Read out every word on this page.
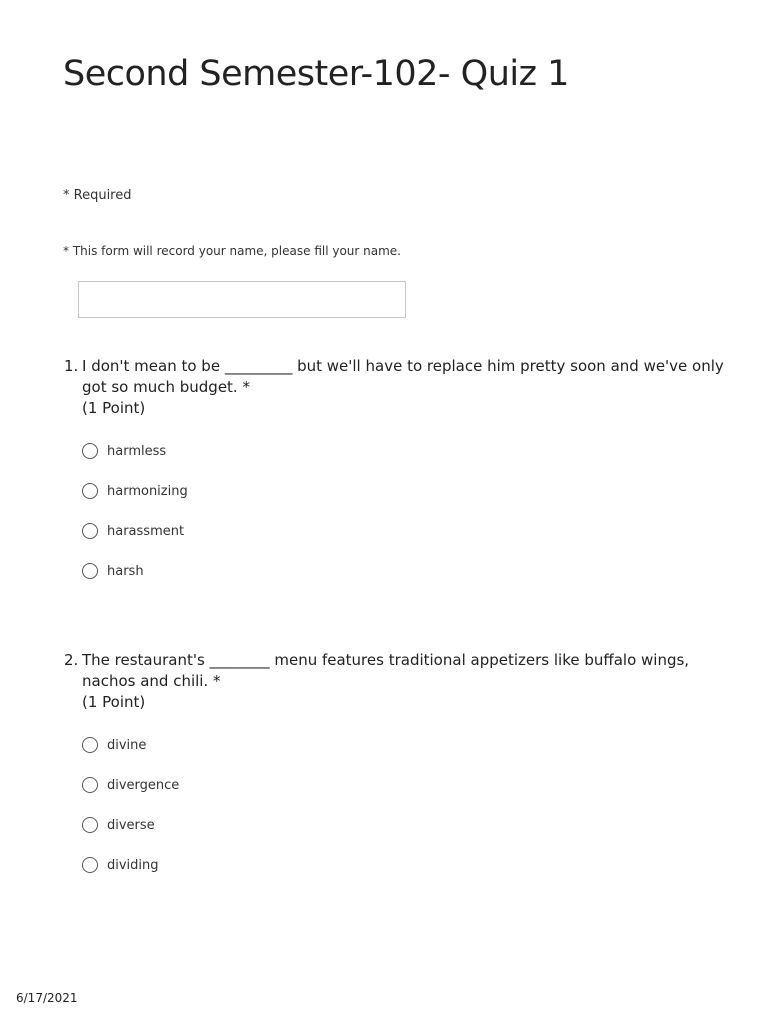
Second Semester-102- Quiz 1
* Required
* This form will record your name, please fill your name.
1. I don't mean to be _________ but we'll have to replace him pretty soon and we've only got so much budget. *
(1 Point)
harmless
harmonizing
harassment
harsh
2. The restaurant's ________ menu features traditional appetizers like buffalo wings, nachos and chili. *
(1 Point)
divine
divergence
diverse
dividing
6/17/2021
